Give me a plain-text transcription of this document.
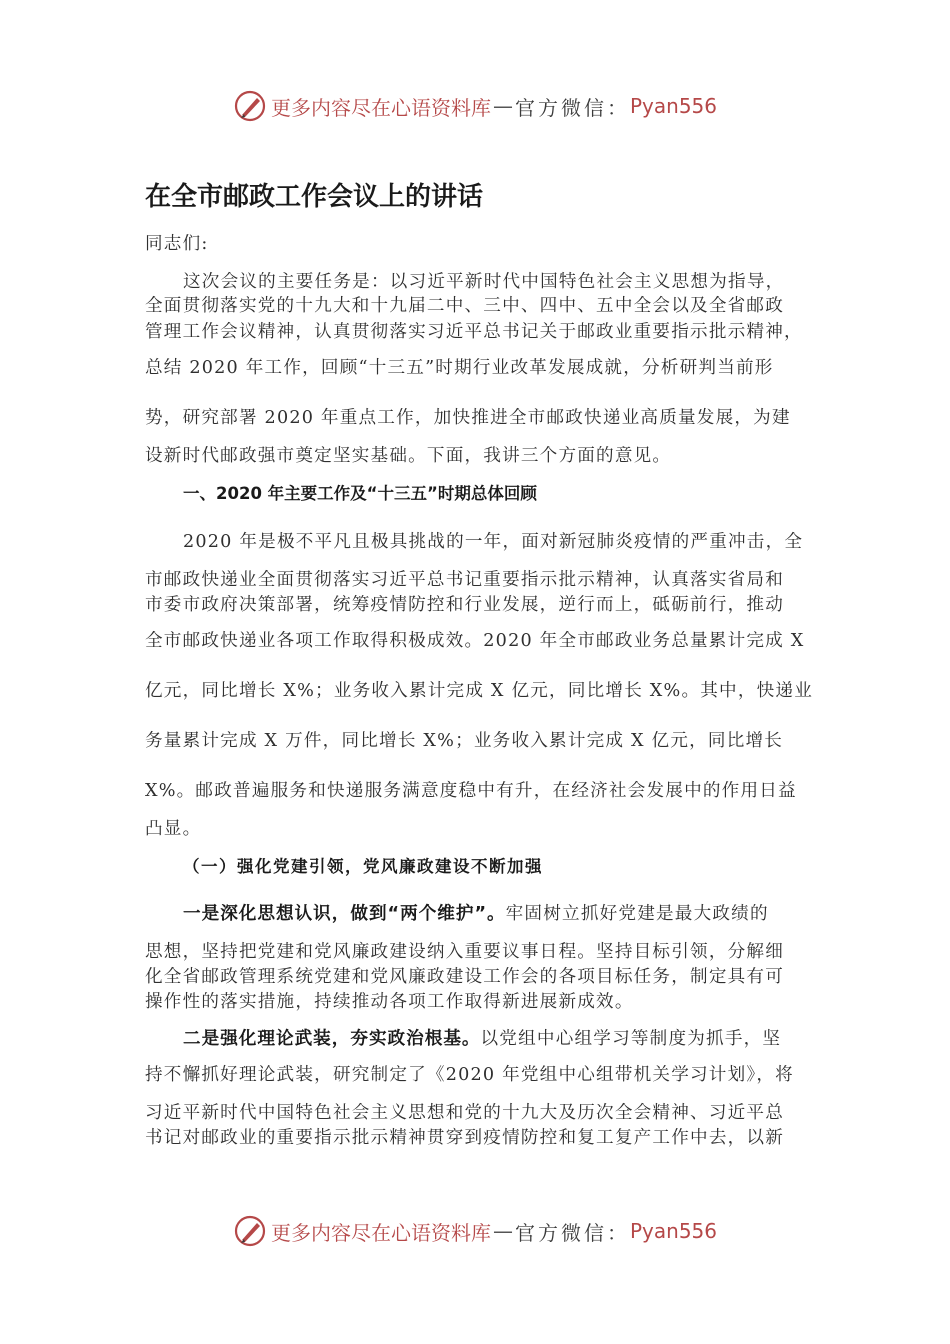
更多内容尽在心语资料库 — 官方微信： Pyan556
在全市邮政工作会议上的讲话

同志们:

这次会议的主要任务是：以习近平新时代中国特色社会主义思想为指导，

全面贯彻落实党的十九大和十九届二中、三中、四中、五中全会以及全省邮政

管理工作会议精神，认真贯彻落实习近平总书记关于邮政业重要指示批示精神，

总结 2020 年工作，回顾“十三五”时期行业改革发展成就，分析研判当前形

势，研究部署 2020 年重点工作，加快推进全市邮政快递业高质量发展，为建

设新时代邮政强市奠定坚实基础。下面，我讲三个方面的意见。

一、2020 年主要工作及“十三五”时期总体回顾

2020 年是极不平凡且极具挑战的一年，面对新冠肺炎疫情的严重冲击，全

市邮政快递业全面贯彻落实习近平总书记重要指示批示精神，认真落实省局和

市委市政府决策部署，统筹疫情防控和行业发展，逆行而上，砥砺前行，推动

全市邮政快递业各项工作取得积极成效。2020 年全市邮政业务总量累计完成 X

亿元，同比增长 X%；业务收入累计完成 X 亿元，同比增长 X%。其中，快递业

务量累计完成 X 万件，同比增长 X%；业务收入累计完成 X 亿元，同比增长

X%。邮政普遍服务和快递服务满意度稳中有升，在经济社会发展中的作用日益

凸显。

（一）强化党建引领，党风廉政建设不断加强

一是深化思想认识，做到“两个维护”。牢固树立抓好党建是最大政绩的

思想，坚持把党建和党风廉政建设纳入重要议事日程。坚持目标引领，分解细

化全省邮政管理系统党建和党风廉政建设工作会的各项目标任务，制定具有可

操作性的落实措施，持续推动各项工作取得新进展新成效。

二是强化理论武装，夯实政治根基。以党组中心组学习等制度为抓手，坚

持不懈抓好理论武装，研究制定了《2020 年党组中心组带机关学习计划》，将

习近平新时代中国特色社会主义思想和党的十九大及历次全会精神、习近平总

书记对邮政业的重要指示批示精神贯穿到疫情防控和复工复产工作中去，以新

更多内容尽在心语资料库 — 官方微信： Pyan556
